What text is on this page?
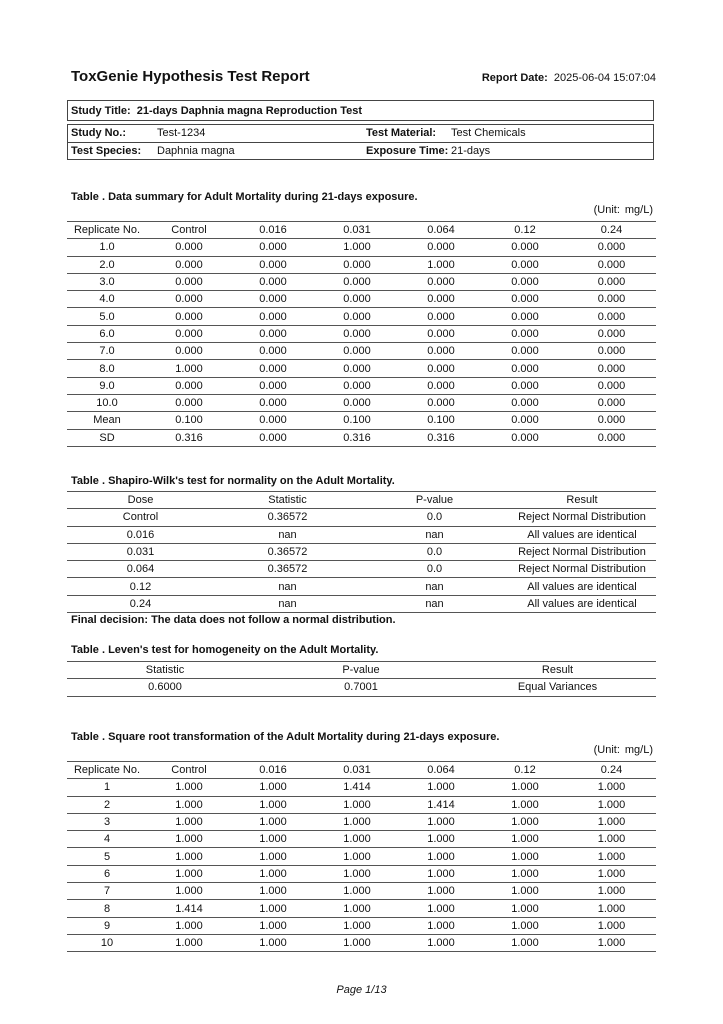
ToxGenie Hypothesis Test Report	Report Date: 2025-06-04 15:07:04
Study Title: 21-days Daphnia magna Reproduction Test
Study No.:	Test-1234	Test Material: Test Chemicals
Test Species: Daphnia magna	Exposure Time: 21-days
Table . Data summary for Adult Mortality during 21-days exposure.
(Unit: mg/L)
Replicate No.	Control	0.016	0.031	0.064	0.12	0.24
1.0	0.000	0.000	1.000	0.000	0.000	0.000
2.0	0.000	0.000	0.000	1.000	0.000	0.000
3.0	0.000	0.000	0.000	0.000	0.000	0.000
4.0	0.000	0.000	0.000	0.000	0.000	0.000
5.0	0.000	0.000	0.000	0.000	0.000	0.000
6.0	0.000	0.000	0.000	0.000	0.000	0.000
7.0	0.000	0.000	0.000	0.000	0.000	0.000
8.0	1.000	0.000	0.000	0.000	0.000	0.000
9.0	0.000	0.000	0.000	0.000	0.000	0.000
10.0	0.000	0.000	0.000	0.000	0.000	0.000
Mean	0.100	0.000	0.100	0.100	0.000	0.000
SD	0.316	0.000	0.316	0.316	0.000	0.000
Table . Shapiro-Wilk's test for normality on the Adult Mortality.
Dose	Statistic	P-value	Result
Control	0.36572	0.0	Reject Normal Distribution
0.016	nan	nan	All values are identical
0.031	0.36572	0.0	Reject Normal Distribution
0.064	0.36572	0.0	Reject Normal Distribution
0.12	nan	nan	All values are identical
0.24	nan	nan	All values are identical
Final decision: The data does not follow a normal distribution.
Table . Leven's test for homogeneity on the Adult Mortality.
Statistic	P-value	Result
0.6000	0.7001	Equal Variances
Table . Square root transformation of the Adult Mortality during 21-days exposure.
(Unit: mg/L)
Replicate No.	Control	0.016	0.031	0.064	0.12	0.24
1	1.000	1.000	1.414	1.000	1.000	1.000
2	1.000	1.000	1.000	1.414	1.000	1.000
3	1.000	1.000	1.000	1.000	1.000	1.000
4	1.000	1.000	1.000	1.000	1.000	1.000
5	1.000	1.000	1.000	1.000	1.000	1.000
6	1.000	1.000	1.000	1.000	1.000	1.000
7	1.000	1.000	1.000	1.000	1.000	1.000
8	1.414	1.000	1.000	1.000	1.000	1.000
9	1.000	1.000	1.000	1.000	1.000	1.000
10	1.000	1.000	1.000	1.000	1.000	1.000
Page 1/13
